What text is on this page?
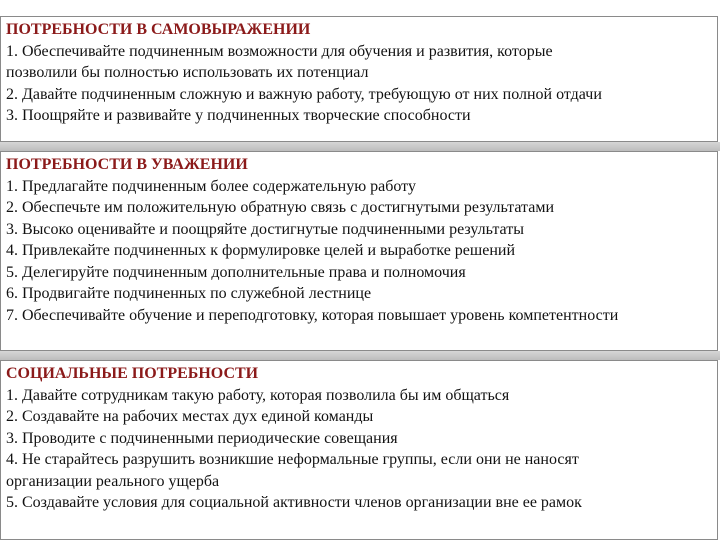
ПОТРЕБНОСТИ В САМОВЫРАЖЕНИИ
1. Обеспечивайте подчиненным возможности для обучения и развития, которые
позволили бы полностью использовать их потенциал
2. Давайте подчиненным сложную и важную работу, требующую от них полной отдачи
3. Поощряйте и развивайте у подчиненных творческие способности
ПОТРЕБНОСТИ В УВАЖЕНИИ
1. Предлагайте подчиненным более содержательную работу
2. Обеспечьте им положительную обратную связь с достигнутыми результатами
3. Высоко оценивайте и поощряйте достигнутые подчиненными результаты
4. Привлекайте подчиненных к формулировке целей и выработке решений
5. Делегируйте подчиненным дополнительные права и полномочия
6. Продвигайте подчиненных по служебной лестнице
7. Обеспечивайте обучение и переподготовку, которая повышает уровень компетентности
СОЦИАЛЬНЫЕ ПОТРЕБНОСТИ
1. Давайте сотрудникам такую работу, которая позволила бы им общаться
2. Создавайте на рабочих местах дух единой команды
3. Проводите с подчиненными периодические совещания
4. Не старайтесь разрушить возникшие неформальные группы, если они не наносят
организации реального ущерба
5. Создавайте условия для социальной активности членов организации вне ее рамок
